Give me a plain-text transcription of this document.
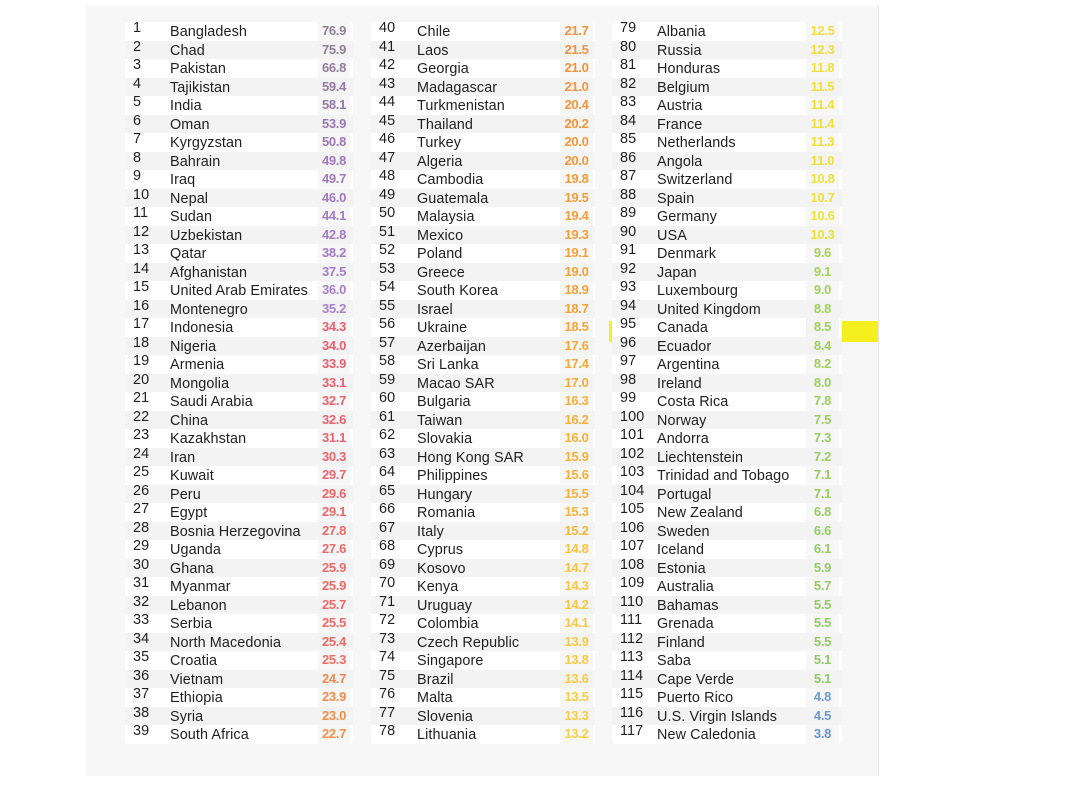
1	Bangladesh	76.9
2	Chad	75.9
3	Pakistan	66.8
4	Tajikistan	59.4
5	India	58.1
6	Oman	53.9
7	Kyrgyzstan	50.8
8	Bahrain	49.8
9	Iraq	49.7
10	Nepal	46.0
11	Sudan	44.1
12	Uzbekistan	42.8
13	Qatar	38.2
14	Afghanistan	37.5
15	United Arab Emirates	36.0
16	Montenegro	35.2
17	Indonesia	34.3
18	Nigeria	34.0
19	Armenia	33.9
20	Mongolia	33.1
21	Saudi Arabia	32.7
22	China	32.6
23	Kazakhstan	31.1
24	Iran	30.3
25	Kuwait	29.7
26	Peru	29.6
27	Egypt	29.1
28	Bosnia Herzegovina	27.8
29	Uganda	27.6
30	Ghana	25.9
31	Myanmar	25.9
32	Lebanon	25.7
33	Serbia	25.5
34	North Macedonia	25.4
35	Croatia	25.3
36	Vietnam	24.7
37	Ethiopia	23.9
38	Syria	23.0
39	South Africa	22.7
40	Chile	21.7
41	Laos	21.5
42	Georgia	21.0
43	Madagascar	21.0
44	Turkmenistan	20.4
45	Thailand	20.2
46	Turkey	20.0
47	Algeria	20.0
48	Cambodia	19.8
49	Guatemala	19.5
50	Malaysia	19.4
51	Mexico	19.3
52	Poland	19.1
53	Greece	19.0
54	South Korea	18.9
55	Israel	18.7
56	Ukraine	18.5
57	Azerbaijan	17.6
58	Sri Lanka	17.4
59	Macao SAR	17.0
60	Bulgaria	16.3
61	Taiwan	16.2
62	Slovakia	16.0
63	Hong Kong SAR	15.9
64	Philippines	15.6
65	Hungary	15.5
66	Romania	15.3
67	Italy	15.2
68	Cyprus	14.8
69	Kosovo	14.7
70	Kenya	14.3
71	Uruguay	14.2
72	Colombia	14.1
73	Czech Republic	13.9
74	Singapore	13.8
75	Brazil	13.6
76	Malta	13.5
77	Slovenia	13.3
78	Lithuania	13.2
79	Albania	12.5
80	Russia	12.3
81	Honduras	11.8
82	Belgium	11.5
83	Austria	11.4
84	France	11.4
85	Netherlands	11.3
86	Angola	11.0
87	Switzerland	10.8
88	Spain	10.7
89	Germany	10.6
90	USA	10.3
91	Denmark	9.6
92	Japan	9.1
93	Luxembourg	9.0
94	United Kingdom	8.8
95	Canada	8.5
96	Ecuador	8.4
97	Argentina	8.2
98	Ireland	8.0
99	Costa Rica	7.8
100 Norway	7.5
101 Andorra	7.3
102 Liechtenstein	7.2
103 Trinidad and Tobago	7.1
104 Portugal	7.1
105 New Zealand	6.8
106 Sweden	6.6
107 Iceland	6.1
108 Estonia	5.9
109 Australia	5.7
110 Bahamas	5.5
111	Grenada	5.5
112 Finland	5.5
113 Saba	5.1
114 Cape Verde	5.1
115 Puerto Rico	4.8
116 U.S. Virgin Islands	4.5
117 New Caledonia	3.8
